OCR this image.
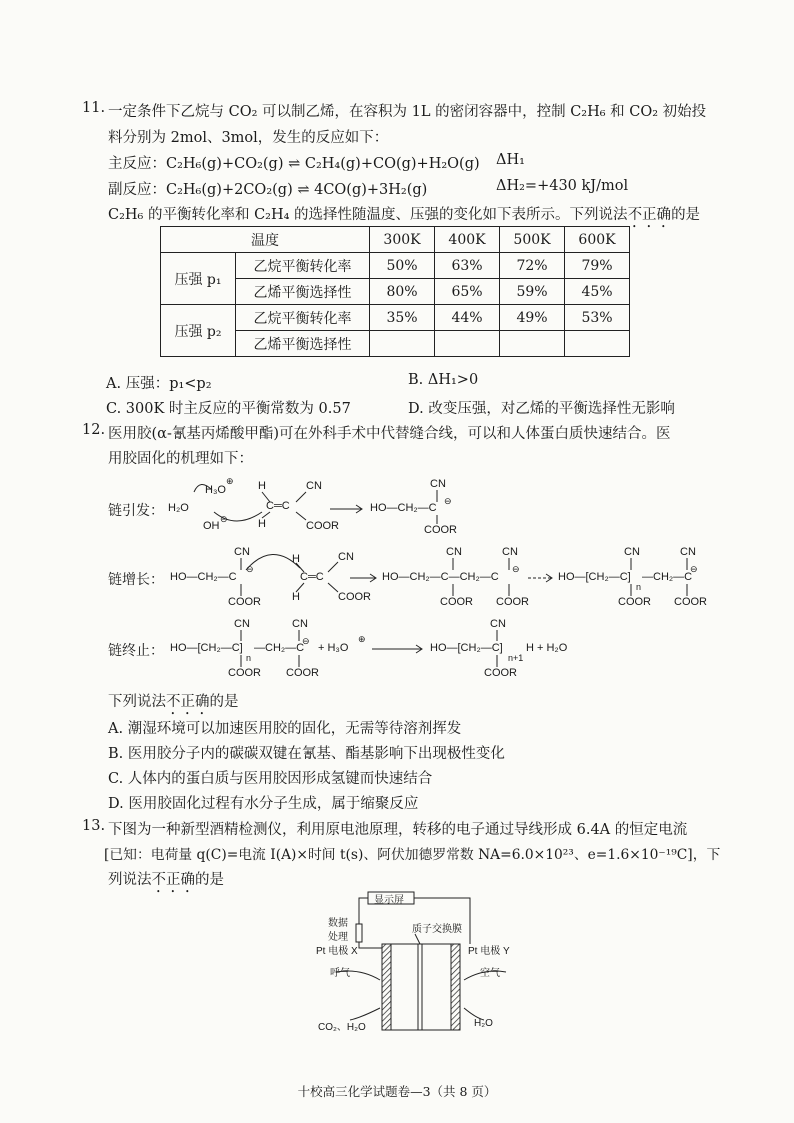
11. 一定条件下乙烷与 CO₂ 可以制乙烯，在容积为 1L 的密闭容器中，控制 C₂H₆ 和 CO₂ 初始投
料分别为 2mol、3mol，发生的反应如下：
主反应：C₂H₆(g)+CO₂(g) ⇌ C₂H₄(g)+CO(g)+H₂O(g) ΔH₁
副反应：C₂H₆(g)+2CO₂(g) ⇌ 4CO(g)+3H₂(g)	ΔH₂=+430 kJ/mol
C₂H₆ 的平衡转化率和 C₂H₄ 的选择性随温度、压强的变化如下表所示。下列说法不正确的是
温度		300K	400K	500K	600K
压强 p₁	乙烷平衡转化率	50%	63%	72%	79%
	乙烯平衡选择性	80%	65%	59%	45%
压强 p₂	乙烷平衡转化率	35%	44%	49%	53%
	乙烯平衡选择性				
A. 压强：p₁<p₂	B. ΔH₁>0
C. 300K 时主反应的平衡常数为 0.57	D. 改变压强，对乙烯的平衡选择性无影响
12. 医用胶(α-氰基丙烯酸甲酯)可在外科手术中代替缝合线，可以和人体蛋白质快速结合。医
用胶固化的机理如下：
链引发： H₂O
H₃O
⊕
OH
⊖
H
H
C═C
CN
COOR
HO—CH₂—C
CN
⊖
COOR
链增长： HO—CH₂—C
CN
⊖
COOR
H
H
C═C
CN
COOR
HO—CH₂—C—CH₂—C
CN
COOR
CN
⊖
COOR
HO—[CH₂—C]
n
—CH₂—C
CN
COOR
CN
⊖
COOR
链终止： HO—[CH₂—C]
n
—CH₂—C
CN
COOR
CN
⊖
COOR
+ H₃O
⊕
HO—[CH₂—C]
n+1
H + H₂O
CN
COOR
下列说法不正确的是
A. 潮湿环境可以加速医用胶的固化，无需等待溶剂挥发
B. 医用胶分子内的碳碳双键在氰基、酯基影响下出现极性变化
C. 人体内的蛋白质与医用胶因形成氢键而快速结合
D. 医用胶固化过程有水分子生成，属于缩聚反应
13. 下图为一种新型酒精检测仪，利用原电池原理，转移的电子通过导线形成 6.4A 的恒定电流
[已知：电荷量 q(C)=电流 I(A)×时间 t(s)、阿伏加德罗常数 NA=6.0×10²³、e=1.6×10⁻¹⁹C]，下
列说法不正确的是
显示屏
数据
处理
质子交换膜
Pt 电极 X	Pt 电极 Y
呼气	空气
CO₂、H₂O	H₂O
十校高三化学试题卷—3（共 8 页）
